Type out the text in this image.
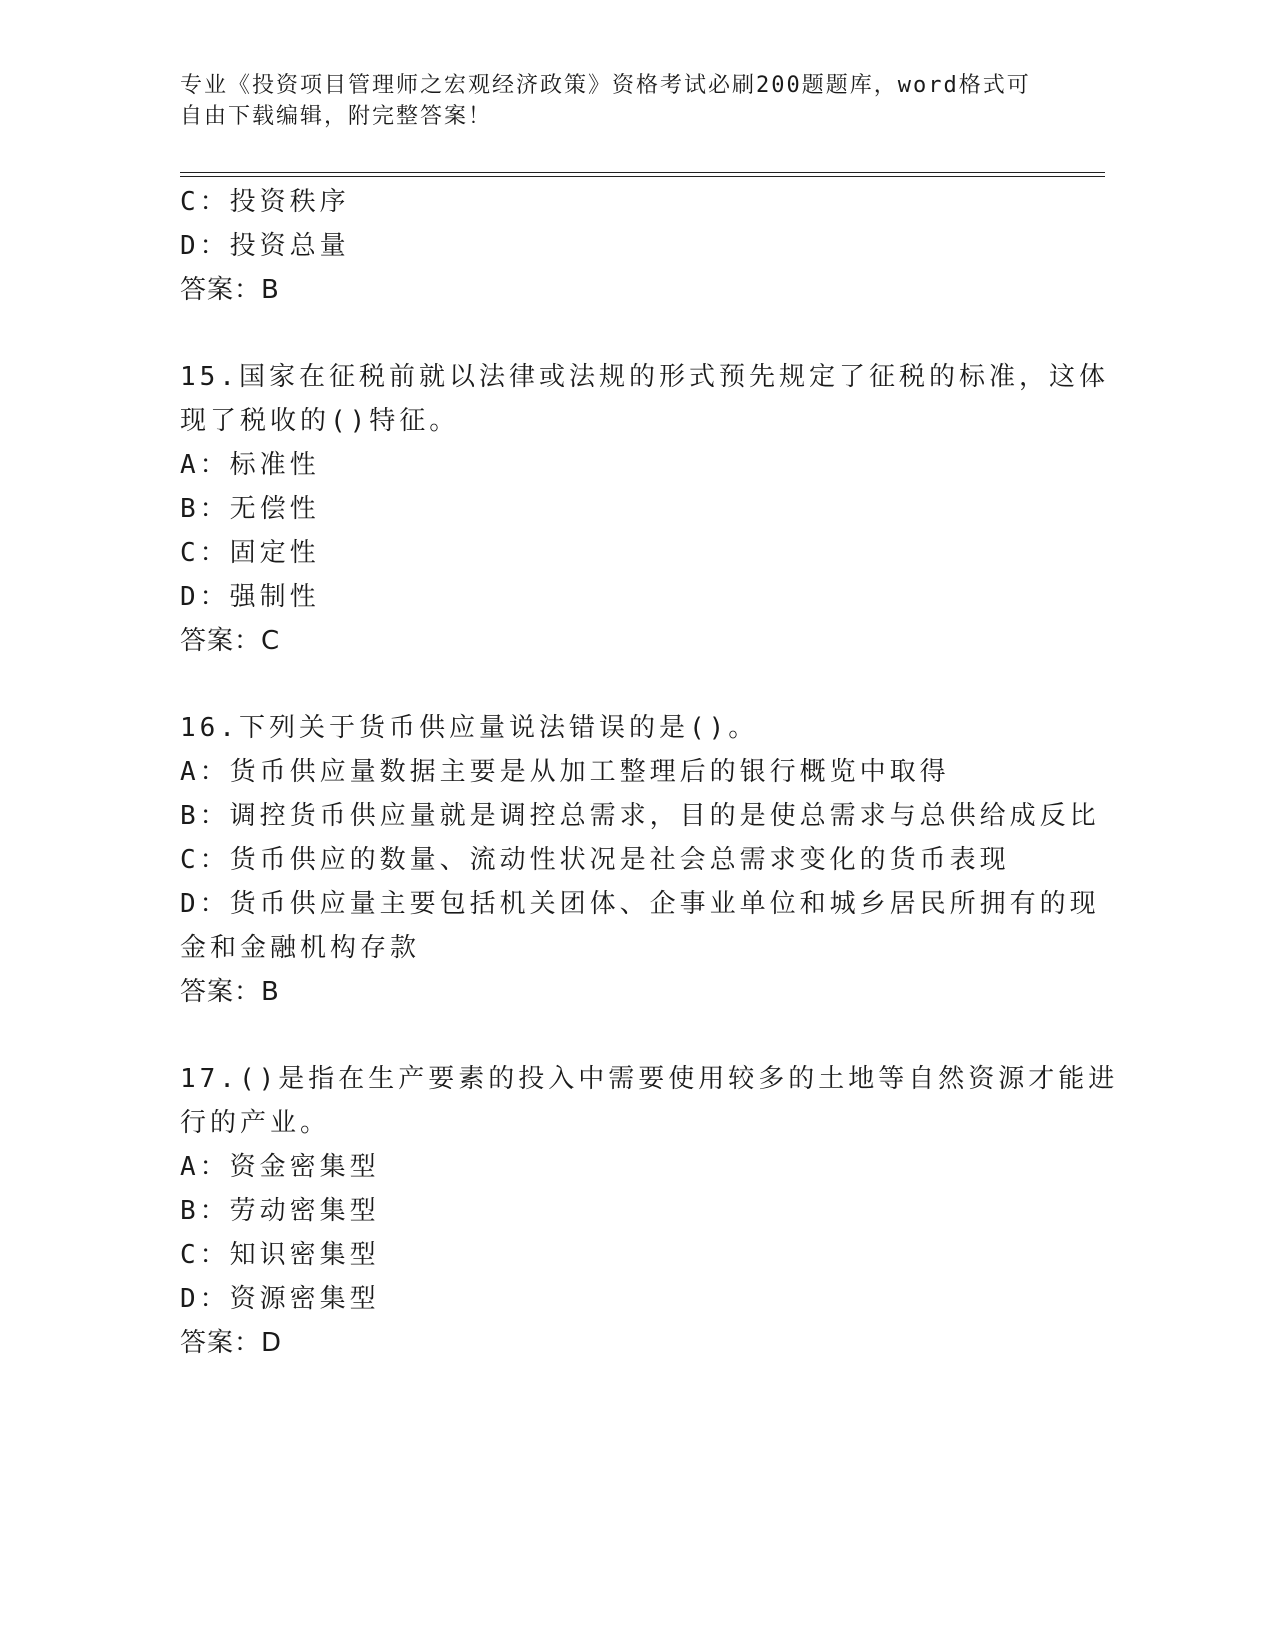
专业《投资项目管理师之宏观经济政策》资格考试必刷200题题库，word格式可
自由下载编辑，附完整答案！
C：投资秩序
D：投资总量
答案：B
15.国家在征税前就以法律或法规的形式预先规定了征税的标准，这体
现了税收的()特征。
A：标准性
B：无偿性
C：固定性
D：强制性
答案：C
16.下列关于货币供应量说法错误的是()。
A：货币供应量数据主要是从加工整理后的银行概览中取得
B：调控货币供应量就是调控总需求，目的是使总需求与总供给成反比
C：货币供应的数量、流动性状况是社会总需求变化的货币表现
D：货币供应量主要包括机关团体、企事业单位和城乡居民所拥有的现
金和金融机构存款
答案：B
17.()是指在生产要素的投入中需要使用较多的土地等自然资源才能进
行的产业。
A：资金密集型
B：劳动密集型
C：知识密集型
D：资源密集型
答案：D
